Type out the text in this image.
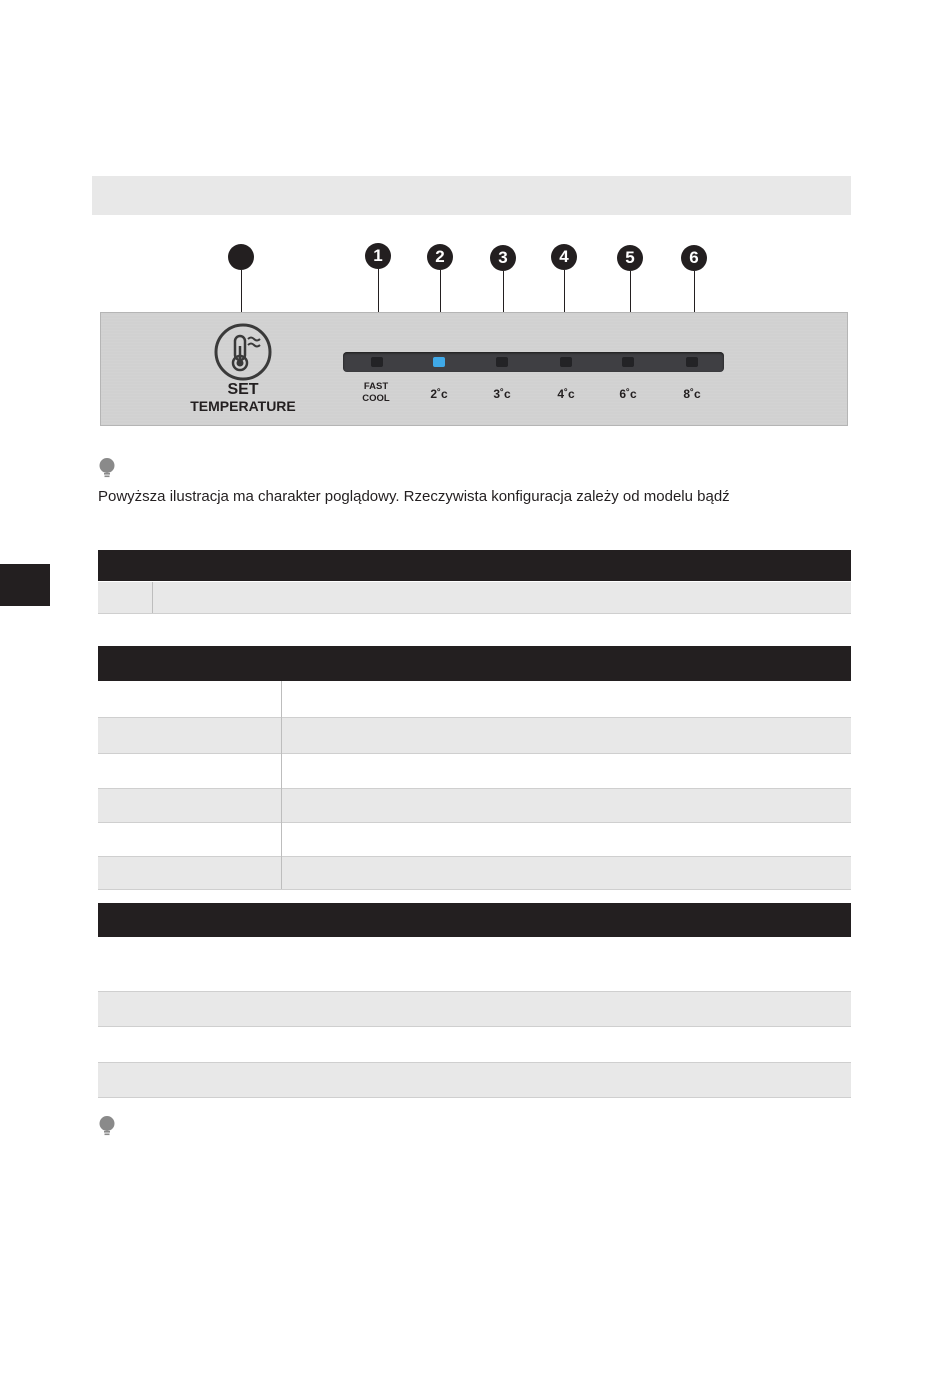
1	2	3	4	5	6
SET
TEMPERATURE
FAST
COOL	2˚c	3˚c	4˚c	6˚c	8˚c
Powyższa ilustracja ma charakter poglądowy. Rzeczywista konfiguracja zależy od modelu bądź
